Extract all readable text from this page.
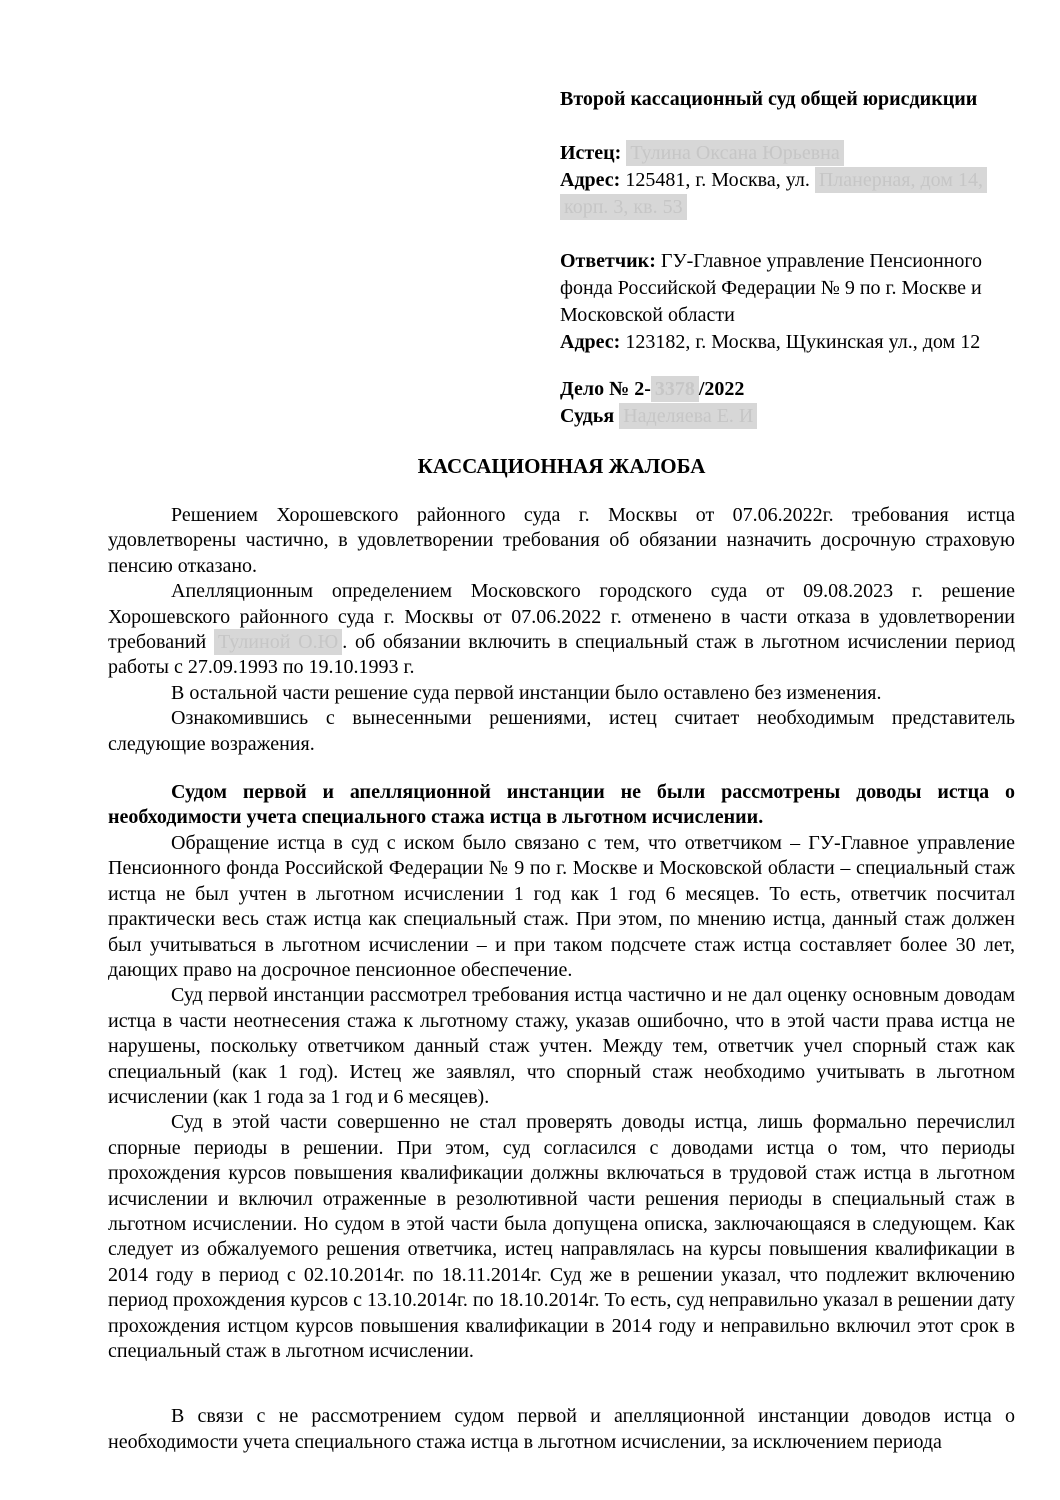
Второй кассационный суд общей юрисдикции
Истец: Тулина Оксана Юрьевна
Адрес: 125481, г. Москва, ул. Планерная, дом 14,
корп. 3, кв. 53
Ответчик: ГУ-Главное управление Пенсионного фонда Российской Федерации № 9 по г. Москве и Московской области
Адрес: 123182, г. Москва, Щукинская ул., дом 12
Дело № 2- 3378 /2022
Судья Наделяева Е. И
КАССАЦИОННАЯ ЖАЛОБА

Решением Хорошевского районного суда г. Москвы от 07.06.2022г. требования истца удовлетворены частично, в удовлетворении требования об обязании назначить досрочную страховую пенсию отказано.

Апелляционным определением Московского городского суда от 09.08.2023 г. решение Хорошевского районного суда г. Москвы от 07.06.2022 г. отменено в части отказа в удовлетворении требований Тулиной О.Ю . об обязании включить в специальный стаж в льготном исчислении период работы с 27.09.1993 по 19.10.1993 г.

В остальной части решение суда первой инстанции было оставлено без изменения.

Ознакомившись с вынесенными решениями, истец считает необходимым представитель следующие возражения.

Судом первой и апелляционной инстанции не были рассмотрены доводы истца о необходимости учета специального стажа истца в льготном исчислении.

Обращение истца в суд с иском было связано с тем, что ответчиком – ГУ-Главное управление Пенсионного фонда Российской Федерации № 9 по г. Москве и Московской области – специальный стаж истца не был учтен в льготном исчислении 1 год как 1 год 6 месяцев. То есть, ответчик посчитал практически весь стаж истца как специальный стаж. При этом, по мнению истца, данный стаж должен был учитываться в льготном исчислении – и при таком подсчете стаж истца составляет более 30 лет, дающих право на досрочное пенсионное обеспечение.

Суд первой инстанции рассмотрел требования истца частично и не дал оценку основным доводам истца в части неотнесения стажа к льготному стажу, указав ошибочно, что в этой части права истца не нарушены, поскольку ответчиком данный стаж учтен. Между тем, ответчик учел спорный стаж как специальный (как 1 год). Истец же заявлял, что спорный стаж необходимо учитывать в льготном исчислении (как 1 года за 1 год и 6 месяцев).

Суд в этой части совершенно не стал проверять доводы истца, лишь формально перечислил спорные периоды в решении. При этом, суд согласился с доводами истца о том, что периоды прохождения курсов повышения квалификации должны включаться в трудовой стаж истца в льготном исчислении и включил отраженные в резолютивной части решения периоды в специальный стаж в льготном исчислении. Но судом в этой части была допущена описка, заключающаяся в следующем. Как следует из обжалуемого решения ответчика, истец направлялась на курсы повышения квалификации в 2014 году в период с 02.10.2014г. по 18.11.2014г. Суд же в решении указал, что подлежит включению период прохождения курсов с 13.10.2014г. по 18.10.2014г. То есть, суд неправильно указал в решении дату прохождения истцом курсов повышения квалификации в 2014 году и неправильно включил этот срок в специальный стаж в льготном исчислении.

В связи с не рассмотрением судом первой и апелляционной инстанции доводов истца о необходимости учета специального стажа истца в льготном исчислении, за исключением периода
